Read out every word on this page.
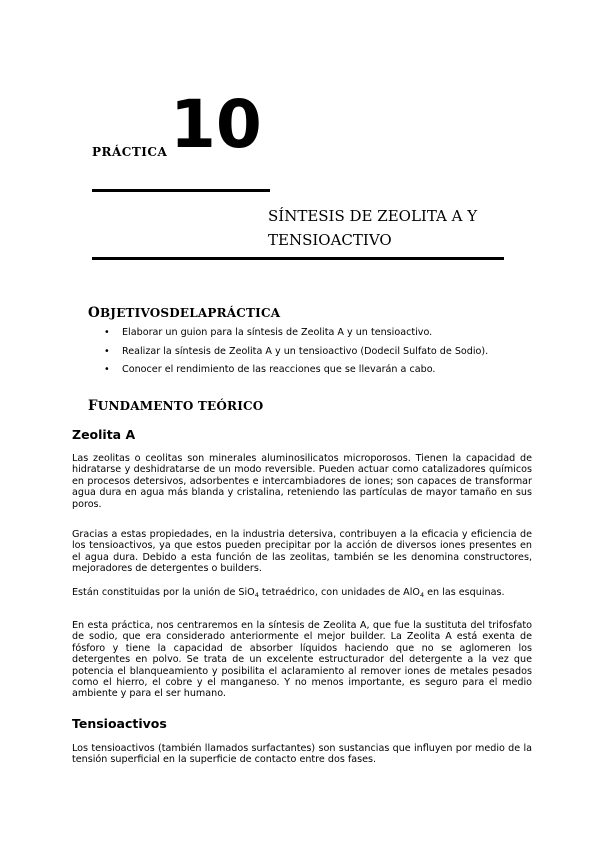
PRÁCTICA 10
SÍNTESIS DE ZEOLITA A Y
TENSIOACTIVO
OBJETIVOSDELAPRÁCTICA
• Elaborar un guion para la síntesis de Zeolita A y un tensioactivo.
• Realizar la síntesis de Zeolita A y un tensioactivo (Dodecil Sulfato de Sodio).
• Conocer el rendimiento de las reacciones que se llevarán a cabo.
FUNDAMENTO TEÓRICO
Zeolita A
Las zeolitas o ceolitas son minerales aluminosilicatos microporosos. Tienen la capacidad de hidratarse y deshidratarse de un modo reversible. Pueden actuar como catalizadores químicos en procesos detersivos, adsorbentes e intercambiadores de iones; son capaces de transformar agua dura en agua más blanda y cristalina, reteniendo las partículas de mayor tamaño en sus poros.
Gracias a estas propiedades, en la industria detersiva, contribuyen a la eficacia y eficiencia de los tensioactivos, ya que estos pueden precipitar por la acción de diversos iones presentes en el agua dura. Debido a esta función de las zeolitas, también se les denomina constructores, mejoradores de detergentes o builders.
Están constituidas por la unión de SiO$_4$ tetraédrico, con unidades de AlO$_4$ en las esquinas.
En esta práctica, nos centraremos en la síntesis de Zeolita A, que fue la sustituta del trifosfato de sodio, que era considerado anteriormente el mejor builder. La Zeolita A está exenta de fósforo y tiene la capacidad de absorber líquidos haciendo que no se aglomeren los detergentes en polvo. Se trata de un excelente estructurador del detergente a la vez que potencia el blanqueamiento y posibilita el aclaramiento al remover iones de metales pesados como el hierro, el cobre y el manganeso. Y no menos importante, es seguro para el medio ambiente y para el ser humano.
Tensioactivos
Los tensioactivos (también llamados surfactantes) son sustancias que influyen por medio de la tensión superficial en la superficie de contacto entre dos fases.
